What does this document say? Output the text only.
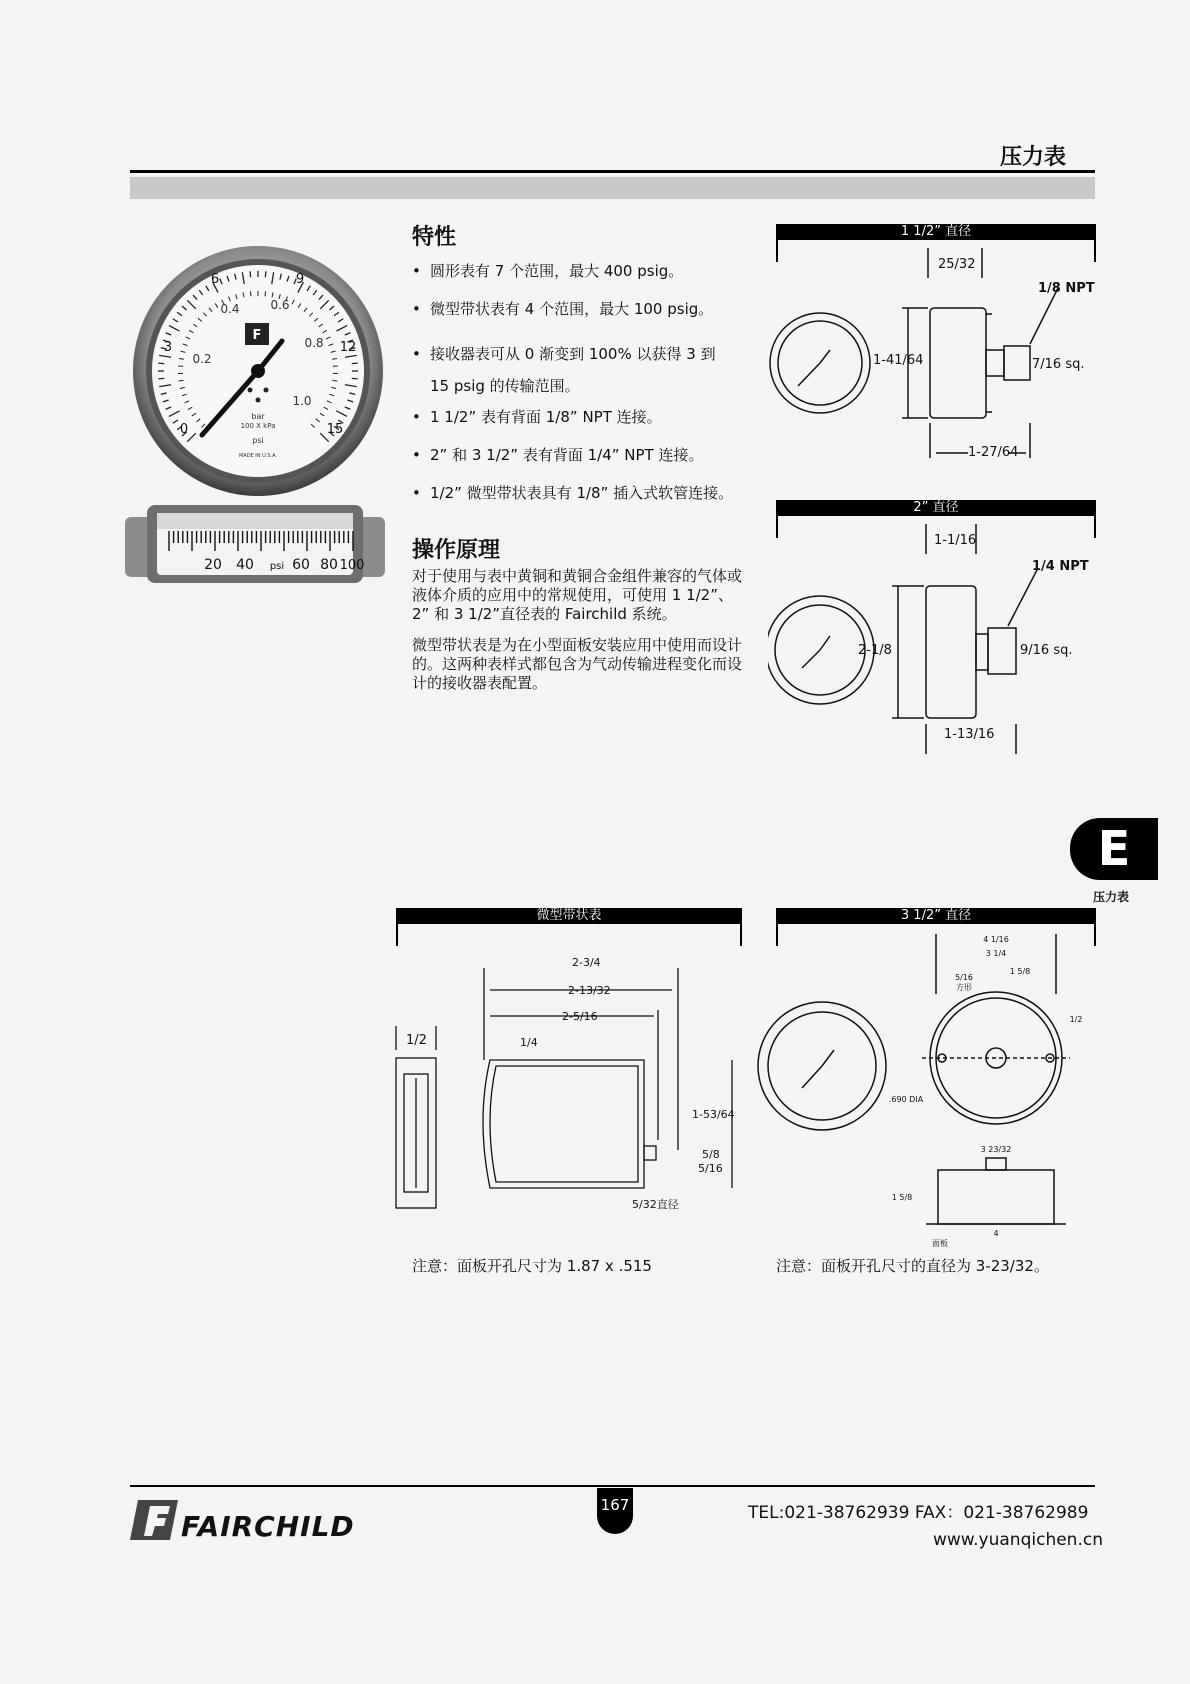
压力表
0
3
6	9
12
15
0.2
0.4	0.6
0.8
1.0
F
bar
100 X kPa
psi
MADE IN U.S.A.
20 40 psi 60 80 100
特性
• 圆形表有 7 个范围，最大 400 psig。
• 微型带状表有 4 个范围，最大 100 psig。
• 接收器表可从 0 渐变到 100% 以获得 3 到 15 psig 的传输范围。
• 1 1/2” 表有背面 1/8” NPT 连接。
• 2” 和 3 1/2” 表有背面 1/4” NPT 连接。
• 1/2” 微型带状表具有 1/8” 插入式软管连接。
操作原理

对于使用与表中黄铜和黄铜合金组件兼容的气体或液体介质的应用中的常规使用，可使用 1 1/2”、2” 和 3 1/2”直径表的 Fairchild 系统。

微型带状表是为在小型面板安装应用中使用而设计的。这两种表样式都包含为气动传输进程变化而设计的接收器表配置。

1 1/2” 直径
25/32
1/8 NPT
1-41/64	7/16 sq.
1-27/64
2” 直径
1-1/16
1/4 NPT
2-1/8	9/16 sq.
1-13/16
E
压力表
微型带状表
2-3/4
2-13/32
2-5/16
1/4
1/2
1-53/64
5/8
5/16
5/32直径
注意：面板开孔尺寸为 1.87 x .515
3 1/2” 直径
4 1/16
3 1/4
1 5/8
5/16
方形
1/2
.690 DIA
3 23/32
1 5/8
4
面板
注意：面板开孔尺寸的直径为 3-23/32。
FAIRCHILD
167	TEL:021-38762939 FAX：021-38762989
www.yuanqichen.cn
